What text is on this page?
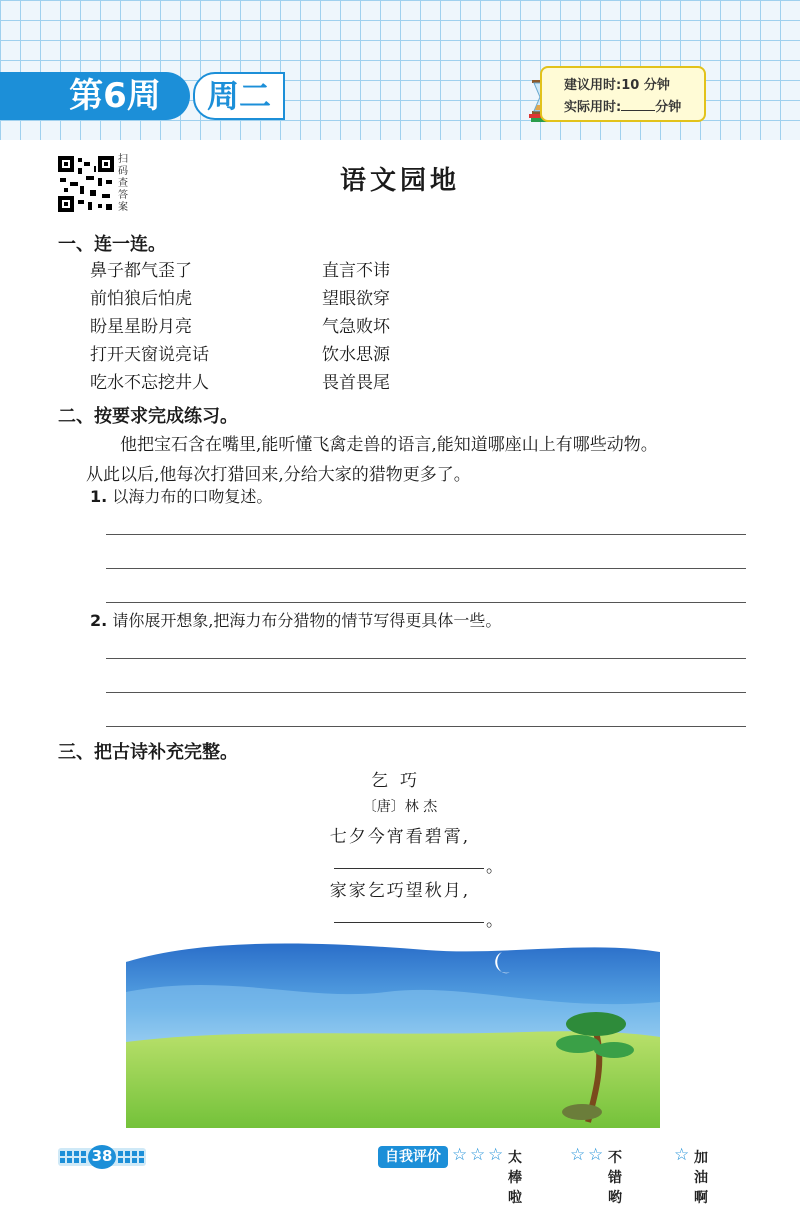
第6周	周二	建议用时:10 分钟
实际用时:	分钟
扫码查答案
语文园地
一、连一连。
鼻子都气歪了
前怕狼后怕虎
盼星星盼月亮
打开天窗说亮话
吃水不忘挖井人
直言不讳
望眼欲穿
气急败坏
饮水思源
畏首畏尾
二、按要求完成练习。
他把宝石含在嘴里,能听懂飞禽走兽的语言,能知道哪座山上有哪些动物。
从此以后,他每次打猎回来,分给大家的猎物更多了。
1. 以海力布的口吻复述。
2. 请你展开想象,把海力布分猎物的情节写得更具体一些。
三、把古诗补充完整。
乞巧
〔唐〕林 杰
七夕今宵看碧霄,
。
家家乞巧望秋月,
。
38	自我评价 ☆ ☆ ☆ 太棒啦
☆ ☆ 不错哟
☆ 加油啊
